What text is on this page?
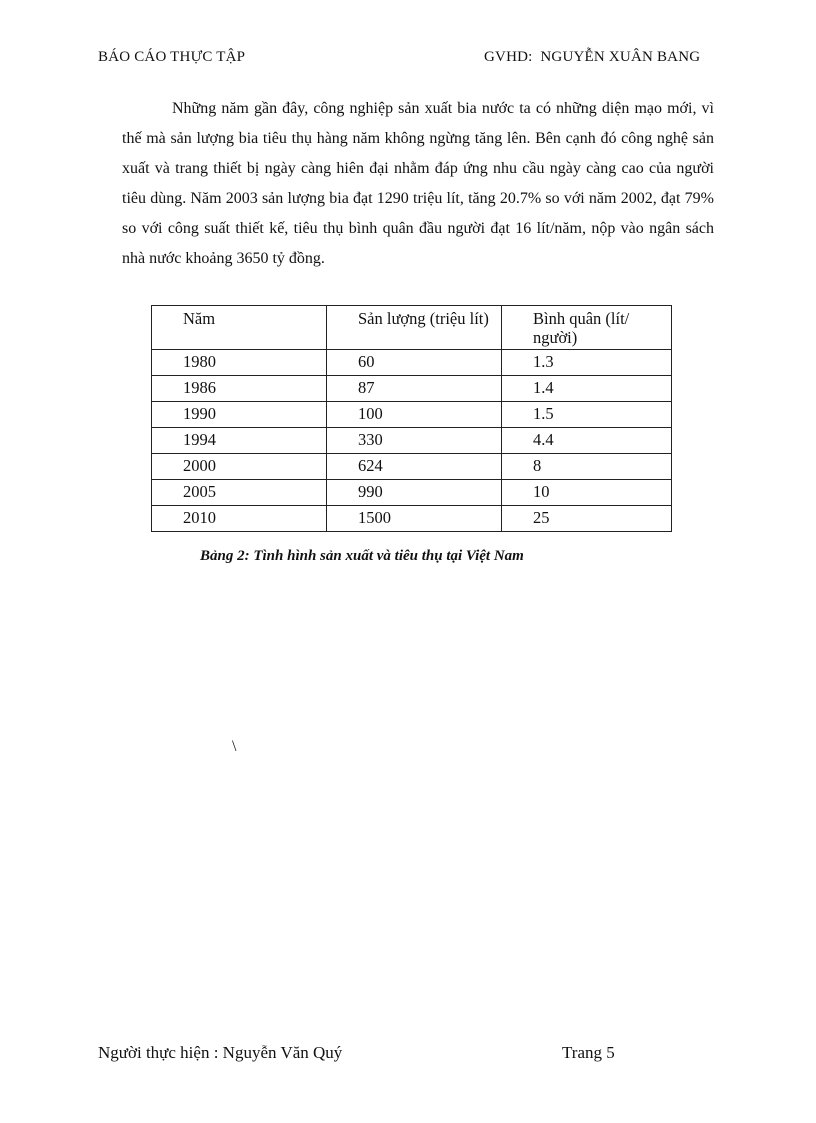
BÁO CÁO THỰC TẬP	GVHD:  NGUYỄN XUÂN BANG

Những năm gần đây, công nghiệp sản xuất bia nước ta có những diện mạo mới, vì thế mà sản lượng bia tiêu thụ hàng năm không ngừng tăng lên. Bên cạnh đó công nghệ sản xuất và trang thiết bị ngày càng hiên đại nhằm đáp ứng nhu cầu ngày càng cao của người tiêu dùng. Năm 2003 sản lượng bia đạt 1290 triệu lít, tăng 20.7% so với năm 2002, đạt 79% so với công suất thiết kế, tiêu thụ bình quân đầu người đạt 16 lít/năm, nộp vào ngân sách nhà nước khoảng 3650 tỷ đồng.

Năm	Sản lượng (triệu lít)	Bình quân (lít/ người)
1980	60	1.3
1986	87	1.4
1990	100	1.5
1994	330	4.4
2000	624	8
2005	990	10
2010	1500	25
Bảng 2: Tình hình sản xuất và tiêu thụ tại Việt Nam
\
Người thực hiện : Nguyễn Văn Quý	Trang 5
